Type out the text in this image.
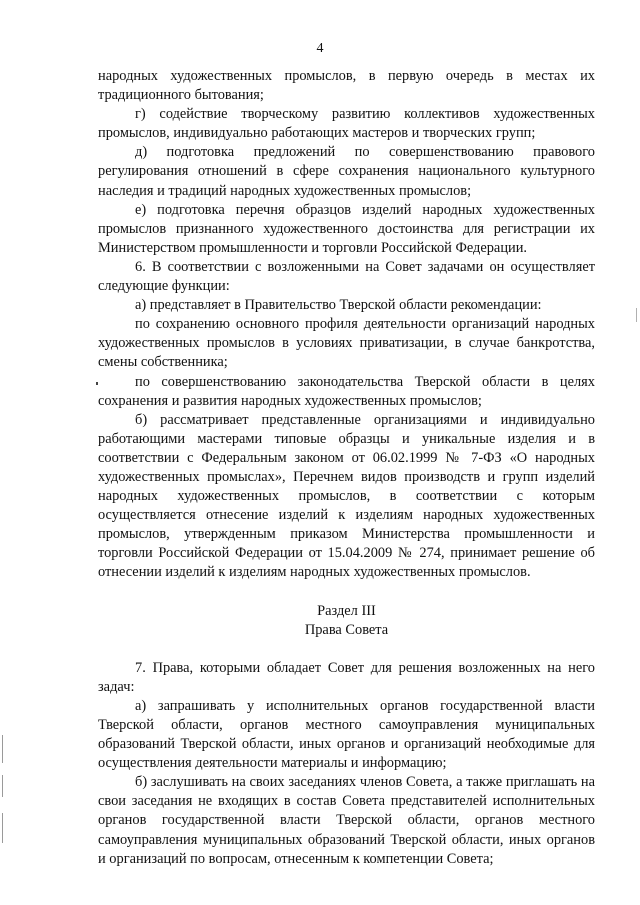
4

народных художественных промыслов, в первую очередь в местах их традиционного бытования;

г) содействие творческому развитию коллективов художественных промыслов, индивидуально работающих мастеров и творческих групп;

д) подготовка предложений по совершенствованию правового регулирования отношений в сфере сохранения национального культурного наследия и традиций народных художественных промыслов;

е) подготовка перечня образцов изделий народных художественных промыслов признанного художественного достоинства для регистрации их Министерством промышленности и торговли Российской Федерации.

6. В соответствии с возложенными на Совет задачами он осуществляет следующие функции:

а) представляет в Правительство Тверской области рекомендации:

по сохранению основного профиля деятельности организаций народных художественных промыслов в условиях приватизации, в случае банкротства, смены собственника;

по совершенствованию законодательства Тверской области в целях сохранения и развития народных художественных промыслов;

б) рассматривает представленные организациями и индивидуально работающими мастерами типовые образцы и уникальные изделия и в соответствии с Федеральным законом от 06.02.1999 № 7-ФЗ «О народных художественных промыслах», Перечнем видов производств и групп изделий народных художественных промыслов, в соответствии с которым осуществляется отнесение изделий к изделиям народных художественных промыслов, утвержденным приказом Министерства промышленности и торговли Российской Федерации от 15.04.2009 № 274, принимает решение об отнесении изделий к изделиям народных художественных промыслов.

Раздел III
Права Совета

7. Права, которыми обладает Совет для решения возложенных на него задач:

а) запрашивать у исполнительных органов государственной власти Тверской области, органов местного самоуправления муниципальных образований Тверской области, иных органов и организаций необходимые для осуществления деятельности материалы и информацию;

б) заслушивать на своих заседаниях членов Совета, а также приглашать на свои заседания не входящих в состав Совета представителей исполнительных органов государственной власти Тверской области, органов местного самоуправления муниципальных образований Тверской области, иных органов и организаций по вопросам, отнесенным к компетенции Совета;
